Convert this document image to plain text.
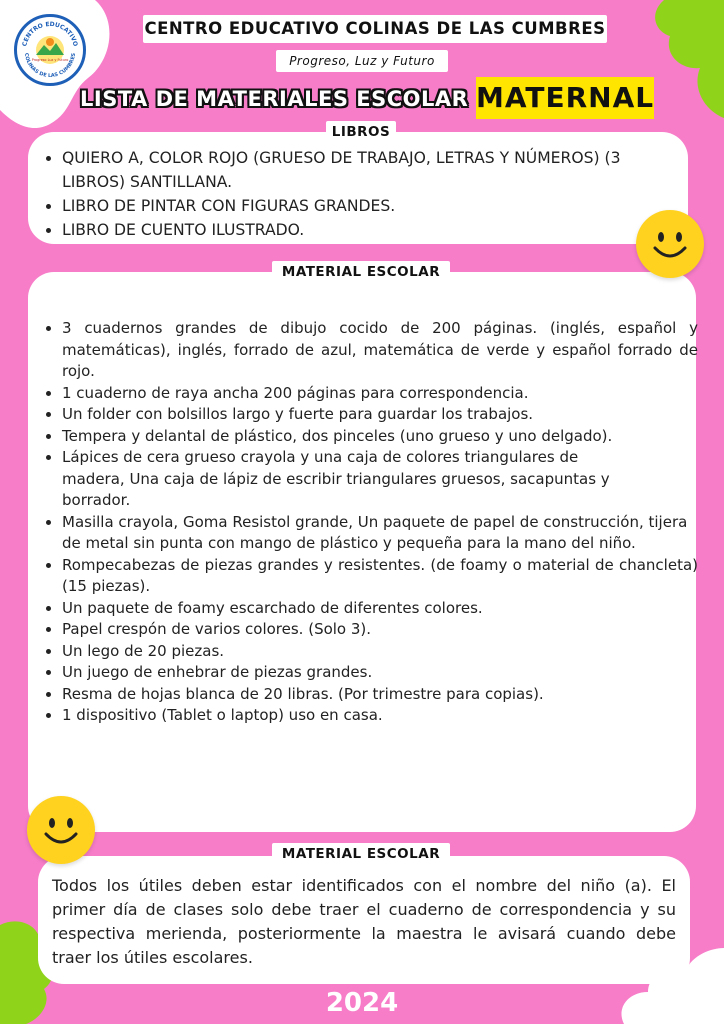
CENTRO EDUCATIVO
COLINAS DE LAS CUMBRES
Progreso Luz y Futuro
CENTRO EDUCATIVO COLINAS DE LAS CUMBRES
Progreso, Luz y Futuro
LISTA DE MATERIALES ESCOLAR MATERNAL
• QUIERO A, COLOR ROJO (GRUESO DE TRABAJO, LETRAS Y NÚMEROS) (3 LIBROS) SANTILLANA.
• LIBRO DE PINTAR CON FIGURAS GRANDES.
• LIBRO DE CUENTO ILUSTRADO.
LIBROS
• 3 cuadernos grandes de dibujo cocido de 200 páginas. (inglés, español y matemáticas), inglés, forrado de azul, matemática de verde y español forrado de rojo.
• 1 cuaderno de raya ancha 200 páginas para correspondencia.
• Un folder con bolsillos largo y fuerte para guardar los trabajos.
• Tempera y delantal de plástico, dos pinceles (uno grueso y uno delgado).
• Lápices de cera grueso crayola y una caja de colores triangulares de madera, Una caja de lápiz de escribir triangulares gruesos, sacapuntas y borrador.
• Masilla crayola, Goma Resistol grande, Un paquete de papel de construcción, tijera de metal sin punta con mango de plástico y pequeña para la mano del niño.
• Rompecabezas de piezas grandes y resistentes. (de foamy o material de chancleta) (15 piezas).
• Un paquete de foamy escarchado de diferentes colores.
• Papel crespón de varios colores. (Solo 3).
• Un lego de 20 piezas.
• Un juego de enhebrar de piezas grandes.
• Resma de hojas blanca de 20 libras. (Por trimestre para copias).
• 1 dispositivo (Tablet o laptop) uso en casa.
MATERIAL ESCOLAR
Todos los útiles deben estar identificados con el nombre del niño (a). El primer día de clases solo debe traer el cuaderno de correspondencia y su respectiva merienda, posteriormente la maestra le avisará cuando debe traer los útiles escolares.
MATERIAL ESCOLAR
2024
